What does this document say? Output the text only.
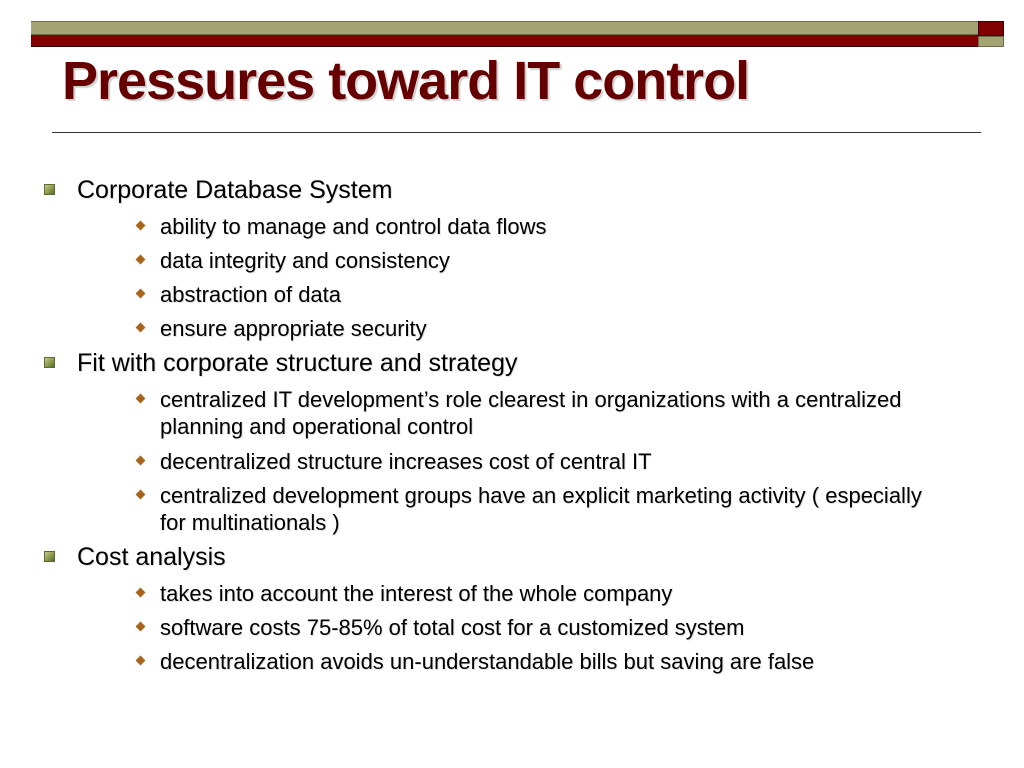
Pressures toward IT control
Corporate Database System
ability to manage and control data flows
data integrity and consistency
abstraction of data
ensure appropriate security
Fit with corporate structure and strategy
centralized IT development’s role clearest in organizations with a centralized planning and operational control
decentralized structure increases cost of central IT
centralized development groups have an explicit marketing activity ( especially for multinationals )
Cost analysis
takes into account the interest of the whole company
software costs 75-85% of total cost for a customized system
decentralization avoids un-understandable bills but saving are false
